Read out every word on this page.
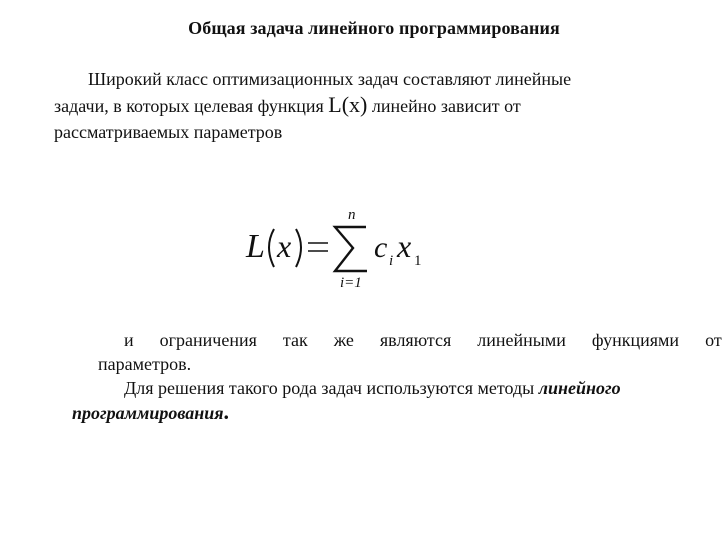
Общая задача линейного программирования
Широкий класс оптимизационных задач составляют линейные
задачи, в которых целевая функция L(x) линейно зависит от
рассматриваемых параметров
L x
n
∑
i=1
c i x 1
и	ограничения	так	же	являются	линейными	функциями	от
параметров.
Для решения такого рода задач используются методы линейного
программирования.
